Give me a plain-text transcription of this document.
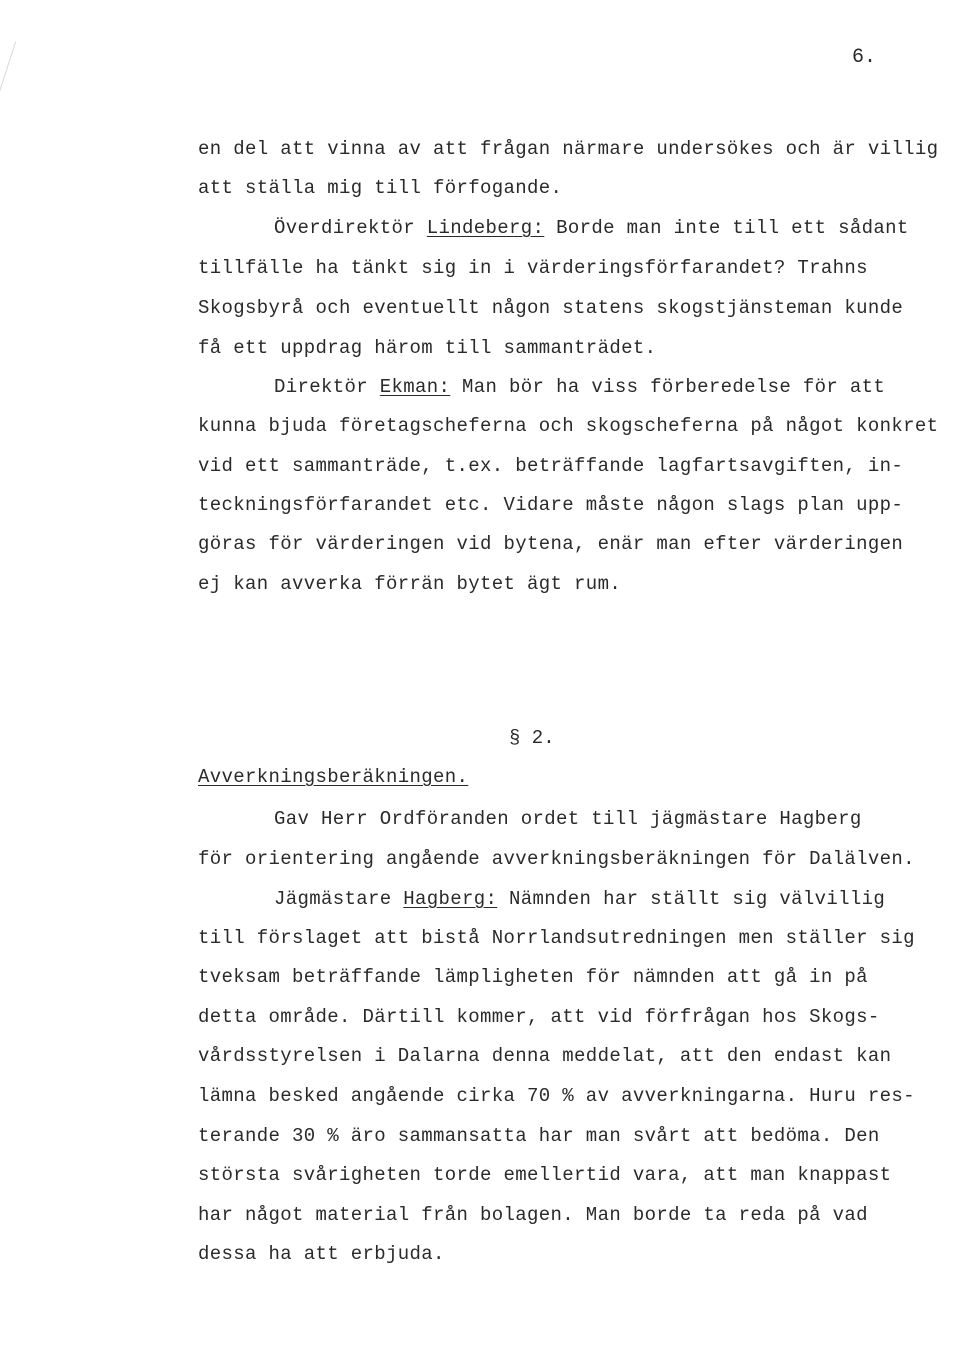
6.
en del att vinna av att frågan närmare undersökes och är villig
att ställa mig till förfogande.
Överdirektör Lindeberg: Borde man inte till ett sådant
tillfälle ha tänkt sig in i värderingsförfarandet? Trahns
Skogsbyrå och eventuellt någon statens skogstjänsteman kunde
få ett uppdrag härom till sammanträdet.
Direktör Ekman: Man bör ha viss förberedelse för att
kunna bjuda företagscheferna och skogscheferna på något konkret
vid ett sammanträde, t.ex. beträffande lagfartsavgiften, in-
teckningsförfarandet etc. Vidare måste någon slags plan upp-
göras för värderingen vid bytena, enär man efter värderingen
ej kan avverka förrän bytet ägt rum.
§ 2.
Avverkningsberäkningen.
Gav Herr Ordföranden ordet till jägmästare Hagberg
för orientering angående avverkningsberäkningen för Dalälven.
Jägmästare Hagberg: Nämnden har ställt sig välvillig
till förslaget att bistå Norrlandsutredningen men ställer sig
tveksam beträffande lämpligheten för nämnden att gå in på
detta område. Därtill kommer, att vid förfrågan hos Skogs-
vårdsstyrelsen i Dalarna denna meddelat, att den endast kan
lämna besked angående cirka 70 % av avverkningarna. Huru res-
terande 30 % äro sammansatta har man svårt att bedöma. Den
största svårigheten torde emellertid vara, att man knappast
har något material från bolagen. Man borde ta reda på vad
dessa ha att erbjuda.
